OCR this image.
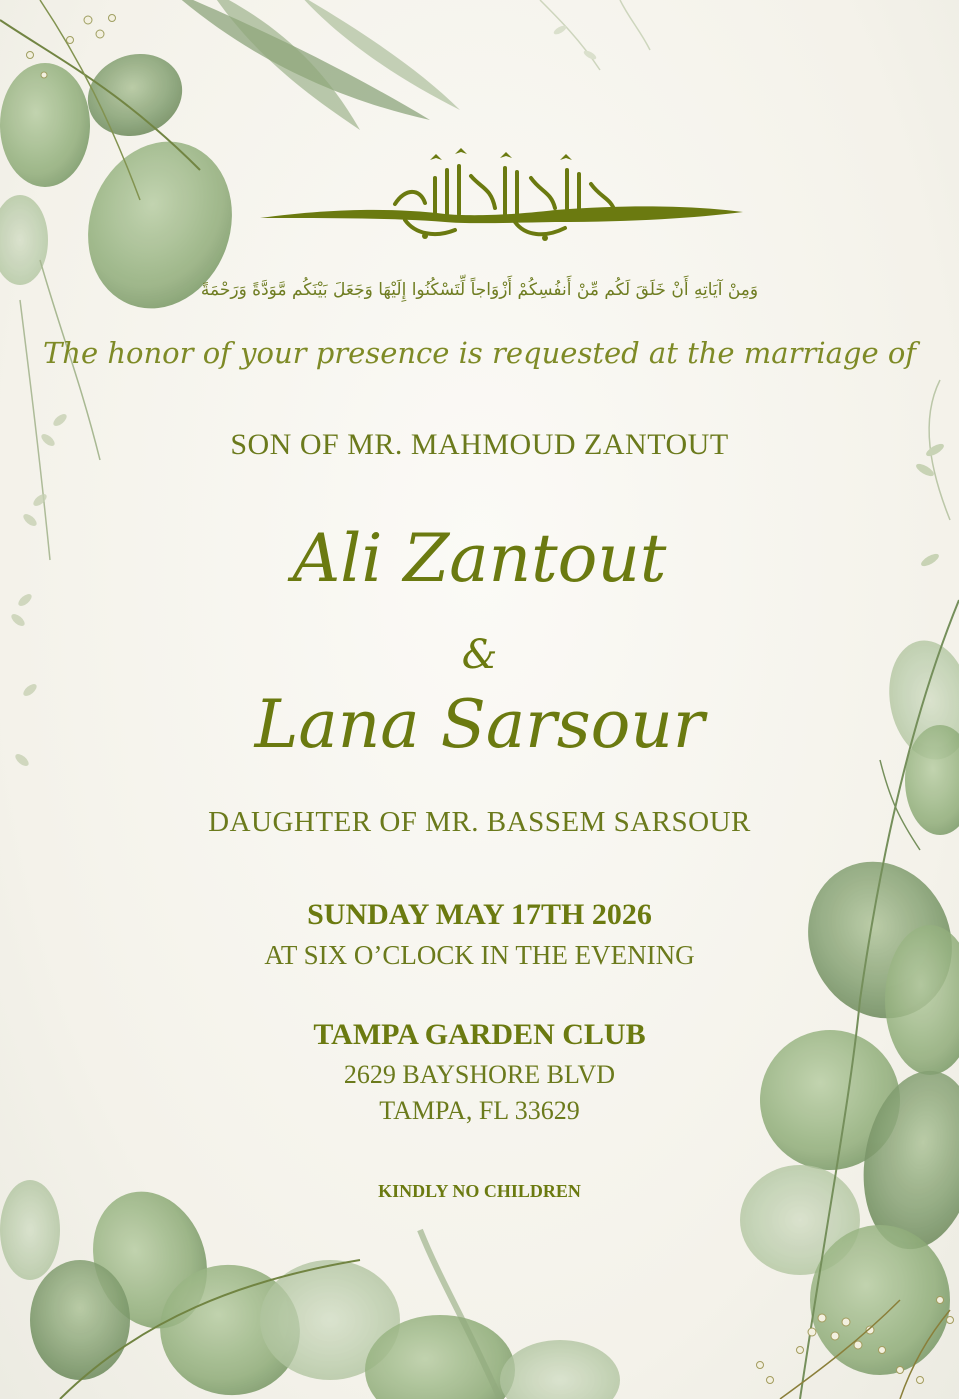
وَمِنْ آيَاتِهِ أَنْ خَلَقَ لَكُم مِّنْ أَنفُسِكُمْ أَزْوَاجاً لِّتَسْكُنُوا إِلَيْهَا وَجَعَلَ بَيْنَكُم مَّوَدَّةً وَرَحْمَةً
The honor of your presence is requested at the marriage of
SON OF MR. MAHMOUD ZANTOUT
Ali Zantout
&
Lana Sarsour
DAUGHTER OF MR. BASSEM SARSOUR
SUNDAY MAY 17TH 2026
AT SIX O’CLOCK IN THE EVENING
TAMPA GARDEN CLUB
2629 BAYSHORE BLVD
TAMPA, FL 33629
KINDLY NO CHILDREN
